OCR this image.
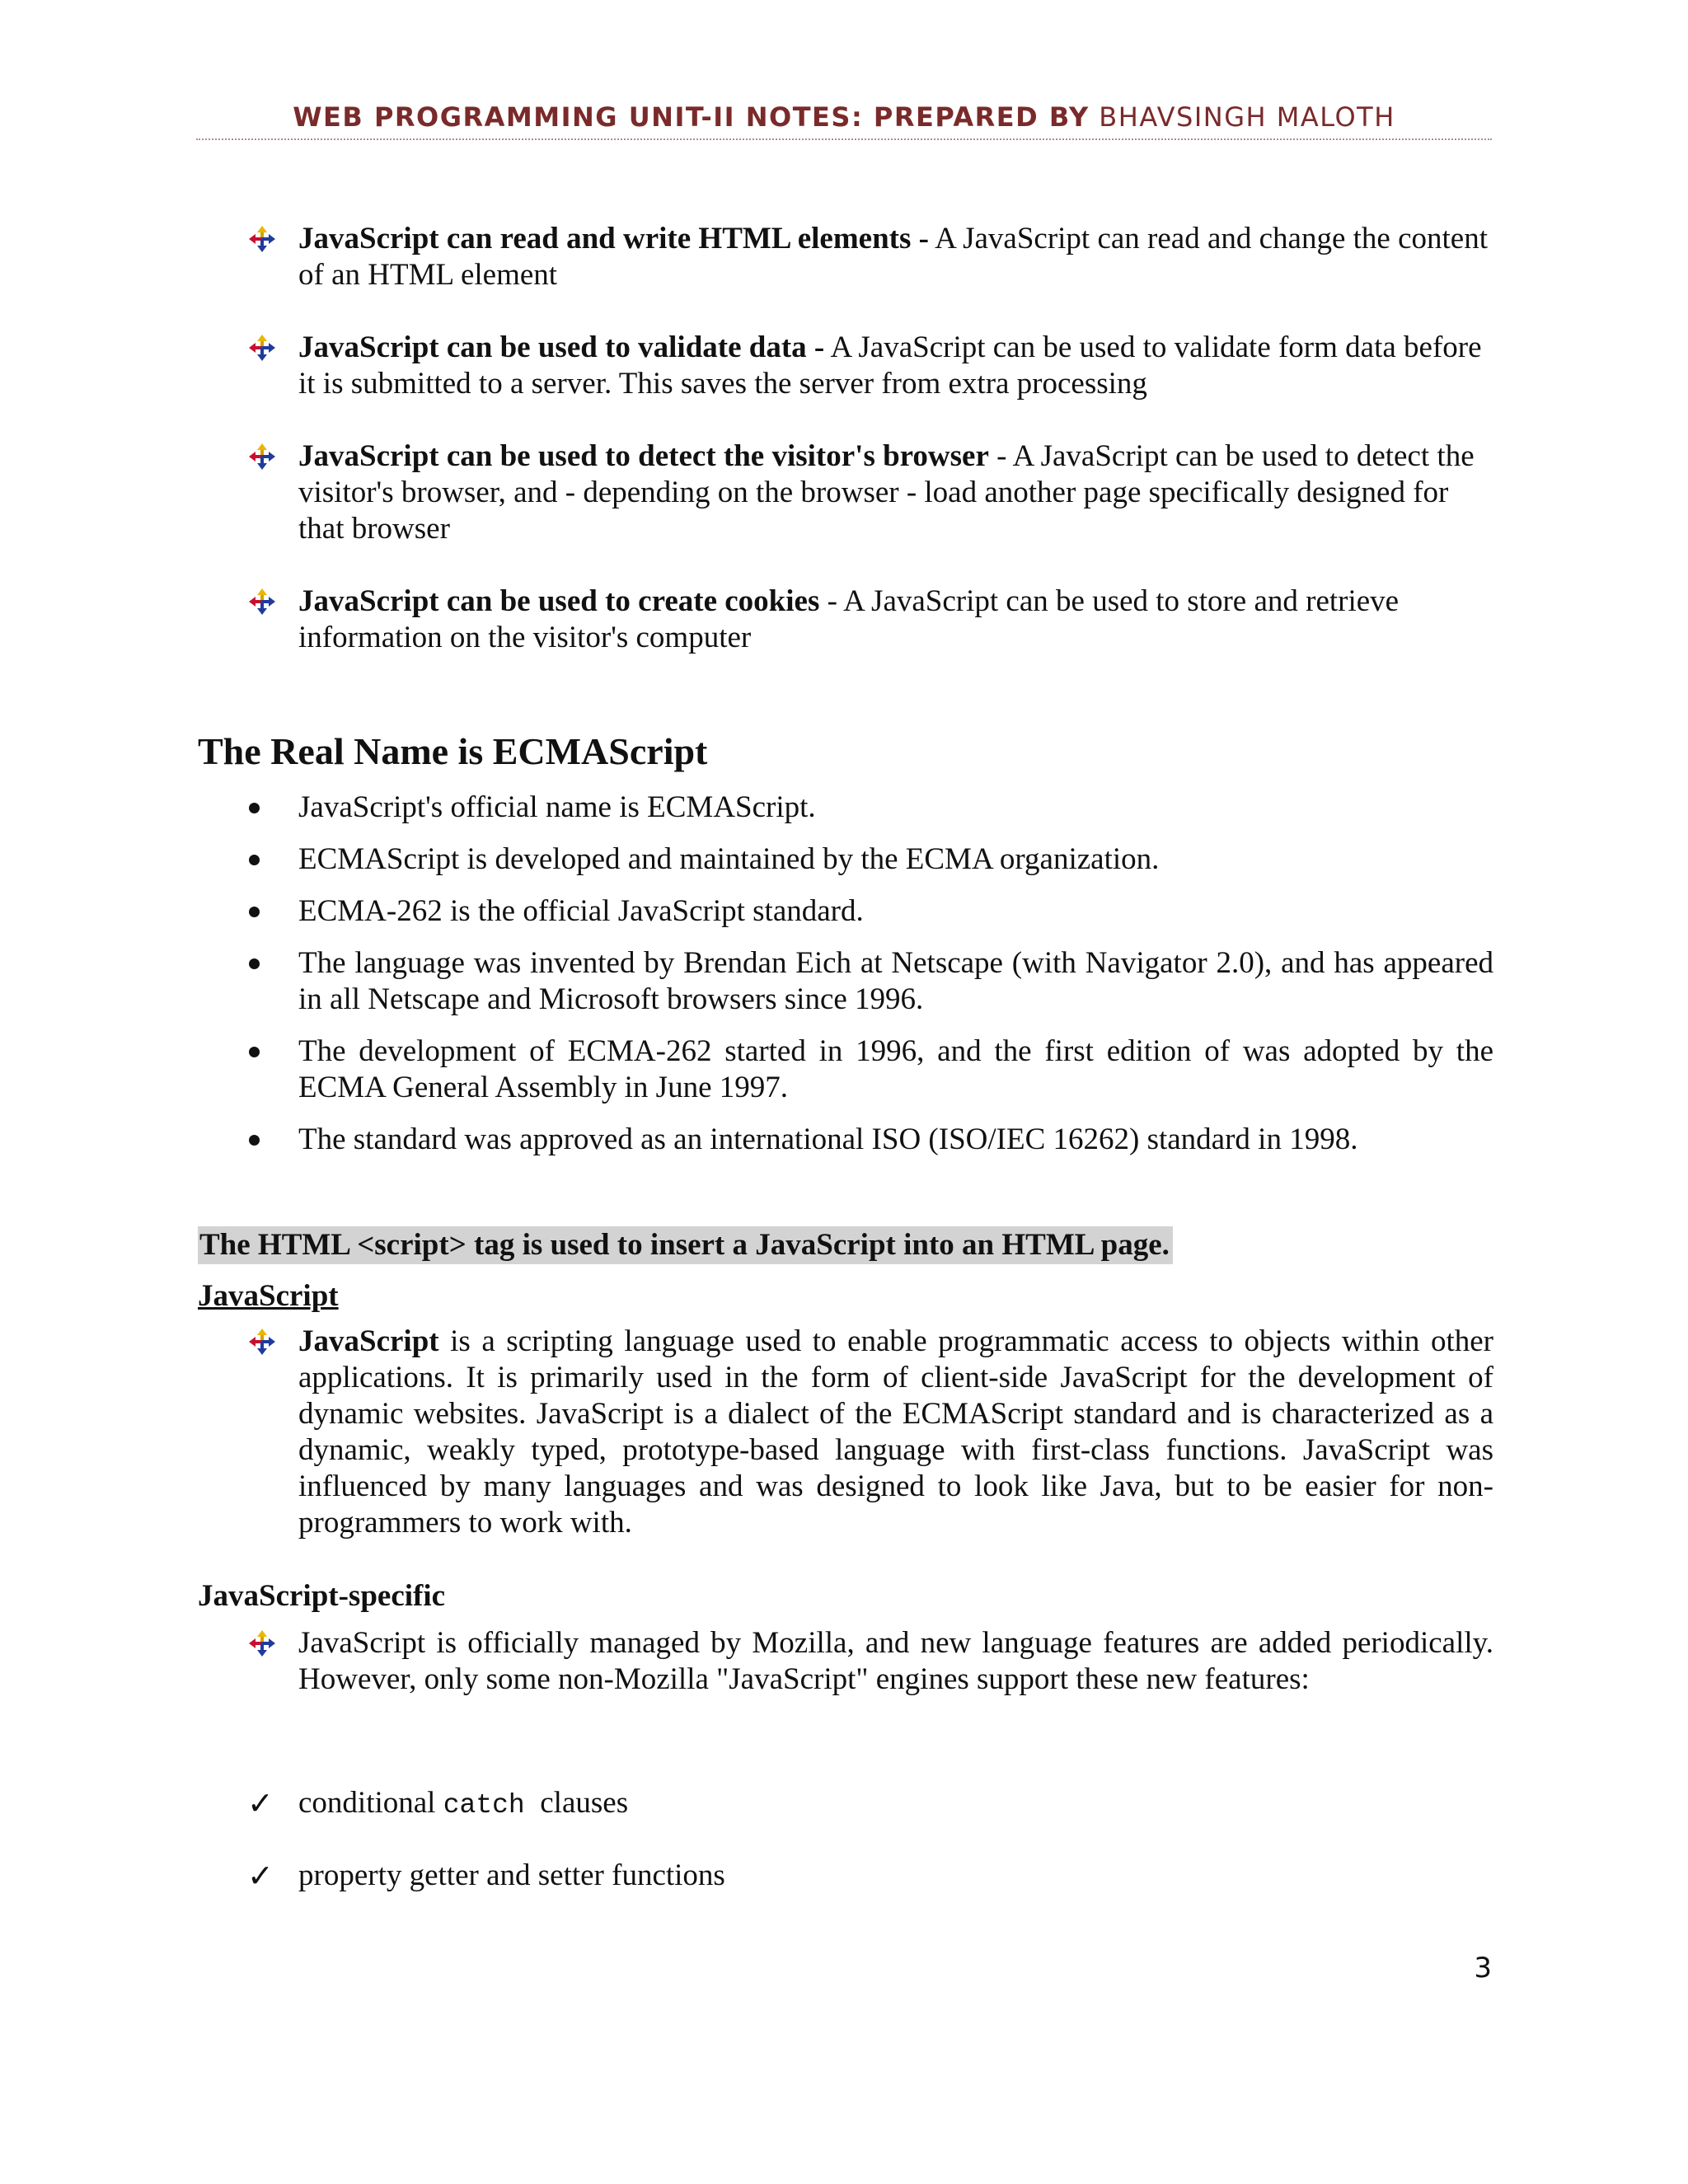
WEB PROGRAMMING UNIT-II NOTES: PREPARED BY BHAVSINGH MALOTH

JavaScript can read and write HTML elements - A JavaScript can read and change the content of an HTML element

JavaScript can be used to validate data - A JavaScript can be used to validate form data before it is submitted to a server. This saves the server from extra processing

JavaScript can be used to detect the visitor's browser - A JavaScript can be used to detect the visitor's browser, and - depending on the browser - load another page specifically designed for that browser

JavaScript can be used to create cookies - A JavaScript can be used to store and retrieve information on the visitor's computer

The Real Name is ECMAScript

JavaScript's official name is ECMAScript.

ECMAScript is developed and maintained by the ECMA organization.

ECMA-262 is the official JavaScript standard.

The language was invented by Brendan Eich at Netscape (with Navigator 2.0), and has appeared in all Netscape and Microsoft browsers since 1996.

The development of ECMA-262 started in 1996, and the first edition of was adopted by the ECMA General Assembly in June 1997.

The standard was approved as an international ISO (ISO/IEC 16262) standard in 1998.

The HTML <script> tag is used to insert a JavaScript into an HTML page.
JavaScript

JavaScript is a scripting language used to enable programmatic access to objects within other applications. It is primarily used in the form of client-side JavaScript for the development of dynamic websites. JavaScript is a dialect of the ECMAScript standard and is characterized as a dynamic, weakly typed, prototype-based language with first-class functions. JavaScript was influenced by many languages and was designed to look like Java, but to be easier for non-programmers to work with.

JavaScript-specific

JavaScript is officially managed by Mozilla, and new language features are added periodically. However, only some non-Mozilla "JavaScript" engines support these new features:

✓ conditional catch  clauses

✓ property getter and setter functions

3
